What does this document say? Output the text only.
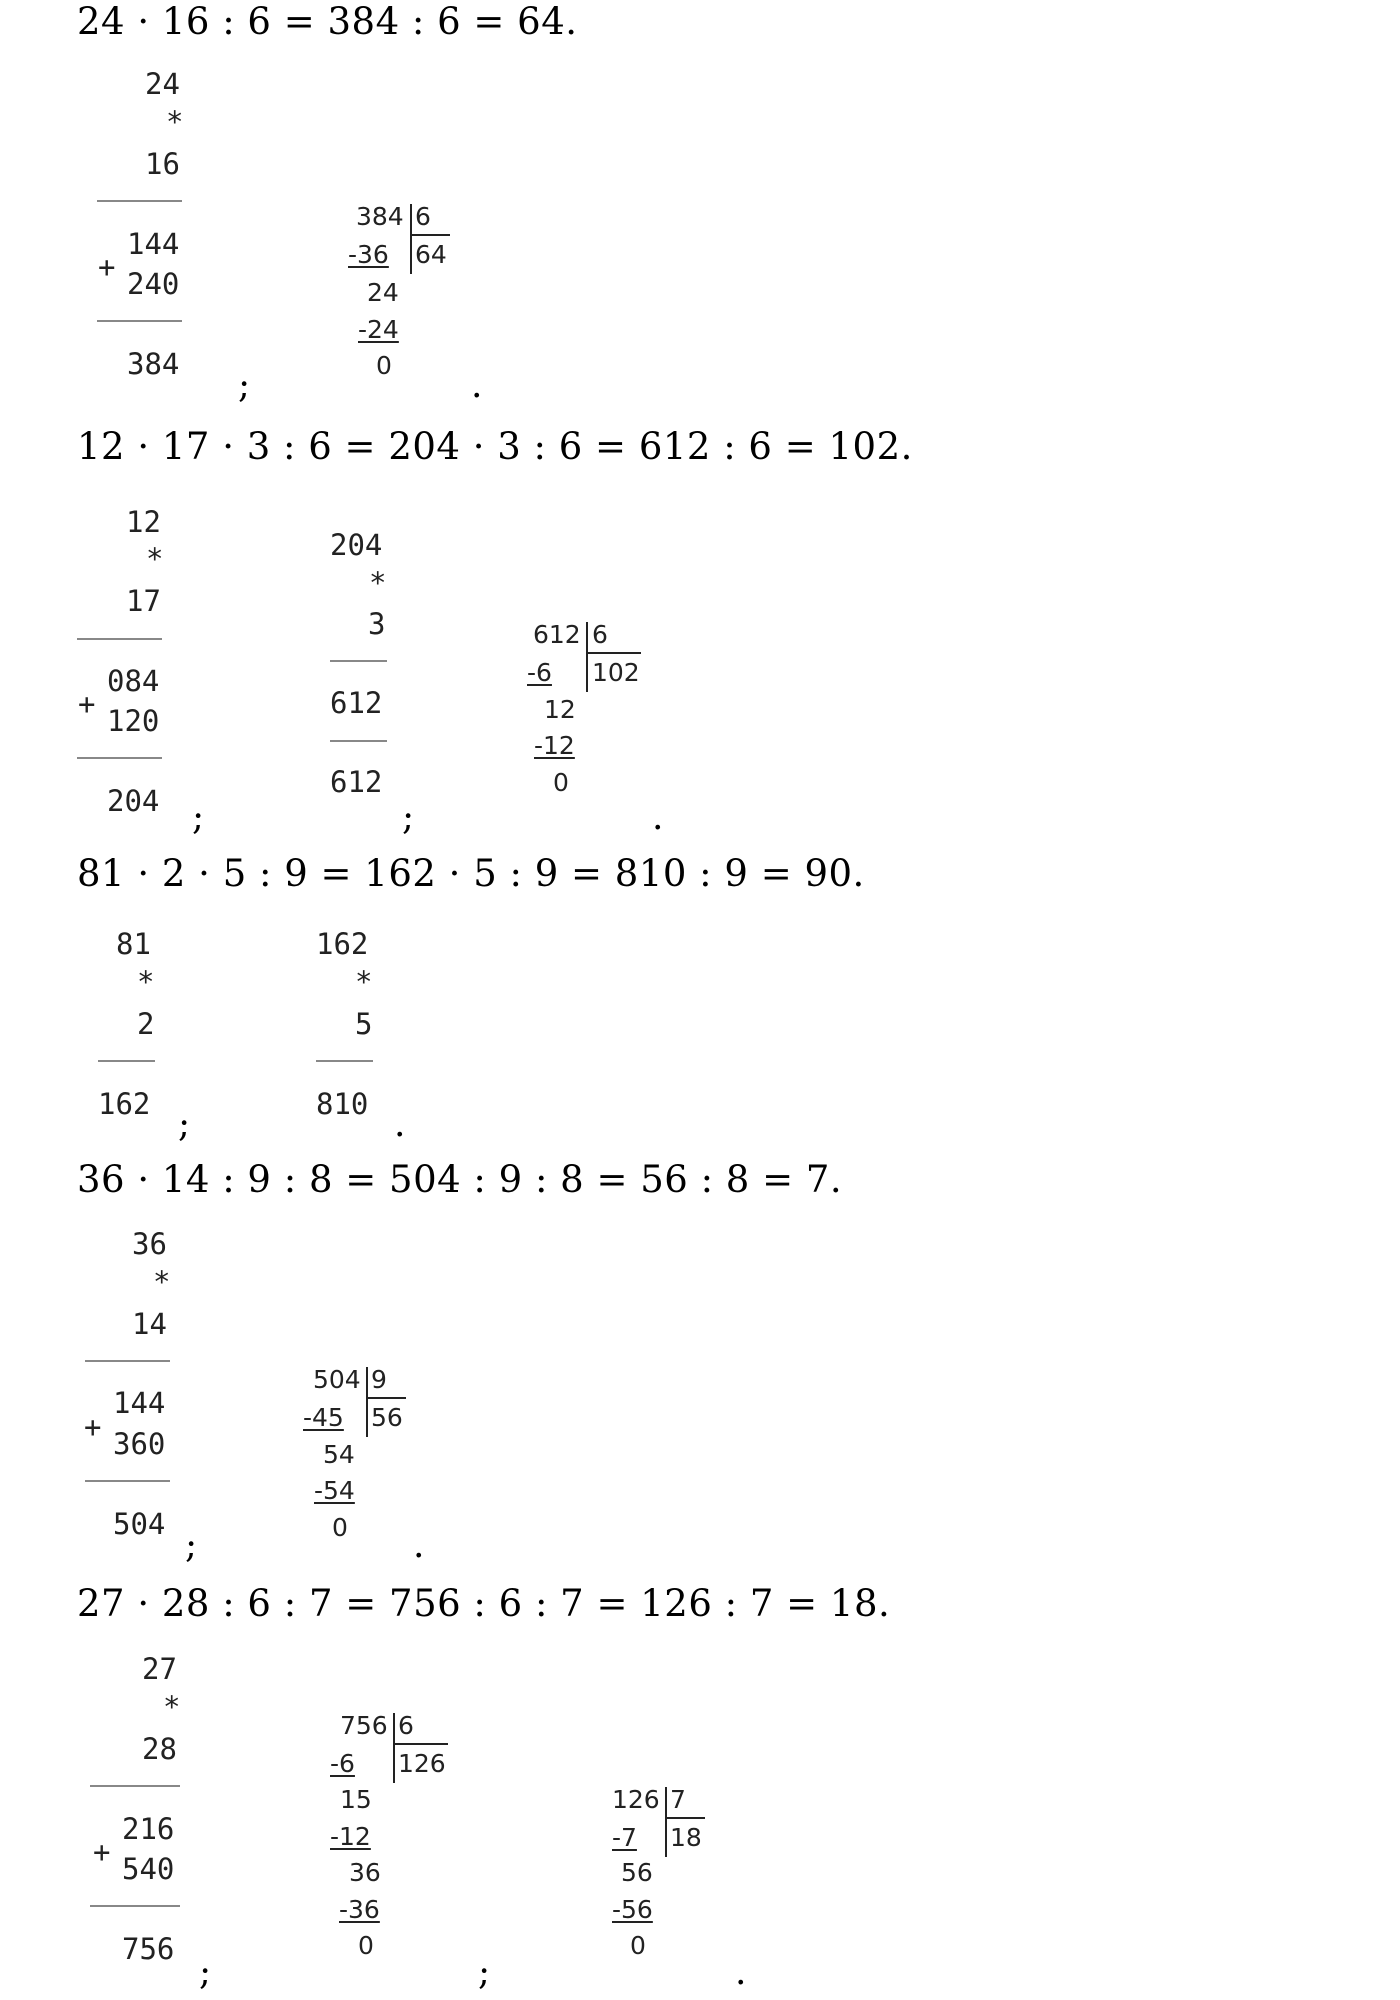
24 · 16 : 6 = 384 : 6 = 64.
24
*
16
144
+ 240
384
;
384 6
64
-36
24
-24
0 .
12 · 17 · 3 : 6 = 204 · 3 : 6 = 612 : 6 = 102.
12
*
17
084
+ 120
204 ;
204
*
3
612
612
;
612 6
102
-6
12
-12
0
.
81 · 2 · 5 : 9 = 162 · 5 : 9 = 810 : 9 = 90.
81
*
2
162 ;
162
*
5
810 .
36 · 14 : 9 : 8 = 504 : 9 : 8 = 56 : 8 = 7.
36
*
14
144
+ 360
504
;
504 9
56
-45
54
-54
0 .
27 · 28 : 6 : 7 = 756 : 6 : 7 = 126 : 7 = 18.
27
*
28
216
+ 540
756
;
756 6
126
-6
15
-12
36
-36
0
;
126 7
18
-7
56
-56
0
.
